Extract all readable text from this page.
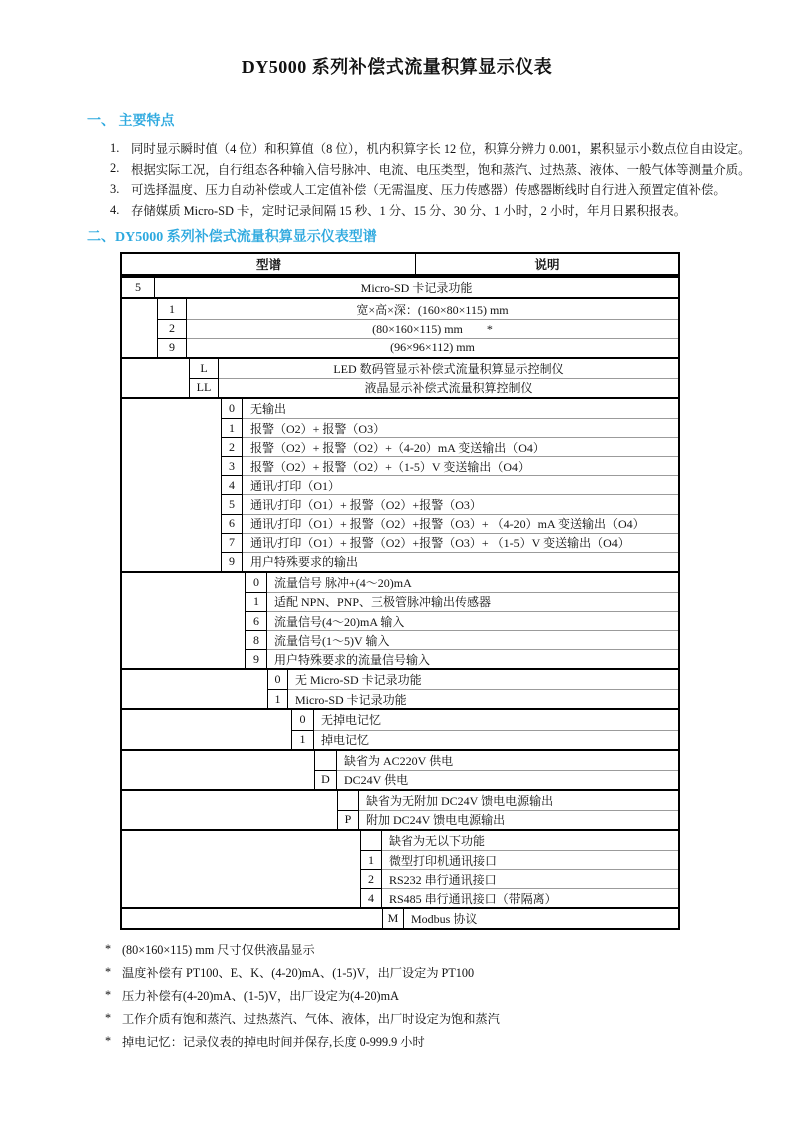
DY5000 系列补偿式流量积算显示仪表
一、 主要特点
1. 同时显示瞬时值（4 位）和积算值（8 位），机内积算字长 12 位，积算分辨力 0.001，累积显示小数点位自由设定。
2. 根据实际工况，自行组态各种输入信号脉冲、电流、电压类型，饱和蒸汽、过热蒸、液体、一般气体等测量介质。
3. 可选择温度、压力自动补偿或人工定值补偿（无需温度、压力传感器）传感器断线时自行进入预置定值补偿。
4. 存储媒质 Micro-SD 卡，定时记录间隔 15 秒、1 分、15 分、30 分、1 小时，2 小时，年月日累积报表。
二、DY5000 系列补偿式流量积算显示仪表型谱
型谱	说明
5	Micro-SD 卡记录功能
1	宽×高×深：(160×80×115) mm
2	(80×160×115) mm　　*
9	(96×96×112) mm
L	LED 数码管显示补偿式流量积算显示控制仪
LL	液晶显示补偿式流量积算控制仪
0	无输出
1	报警（O2）+ 报警（O3）
2	报警（O2）+ 报警（O2）+（4-20）mA 变送输出（O4）
3	报警（O2）+ 报警（O2）+（1-5）V 变送输出（O4）
4	通讯/打印（O1）
5	通讯/打印（O1）+ 报警（O2）+报警（O3）
6	通讯/打印（O1）+ 报警（O2）+报警（O3）+ （4-20）mA 变送输出（O4）
7	通讯/打印（O1）+ 报警（O2）+报警（O3）+ （1-5）V 变送输出（O4）
9	用户特殊要求的输出
0	流量信号 脉冲+(4～20)mA
1	适配 NPN、PNP、三极管脉冲输出传感器
6	流量信号(4～20)mA 输入
8	流量信号(1～5)V 输入
9	用户特殊要求的流量信号输入
0	无 Micro-SD 卡记录功能
1	Micro-SD 卡记录功能
0	无掉电记忆
1	掉电记忆
缺省为 AC220V 供电
D	DC24V 供电
缺省为无附加 DC24V 馈电电源输出
P	附加 DC24V 馈电电源输出
缺省为无以下功能
1	微型打印机通讯接口
2	RS232 串行通讯接口
4	RS485 串行通讯接口（带隔离）
M	Modbus 协议
* (80×160×115) mm 尺寸仅供液晶显示
* 温度补偿有 PT100、E、K、(4-20)mA、(1-5)V，出厂设定为 PT100
* 压力补偿有(4-20)mA、(1-5)V，出厂设定为(4-20)mA
* 工作介质有饱和蒸汽、过热蒸汽、气体、液体，出厂时设定为饱和蒸汽
* 掉电记忆：记录仪表的掉电时间并保存,长度 0-999.9 小时
